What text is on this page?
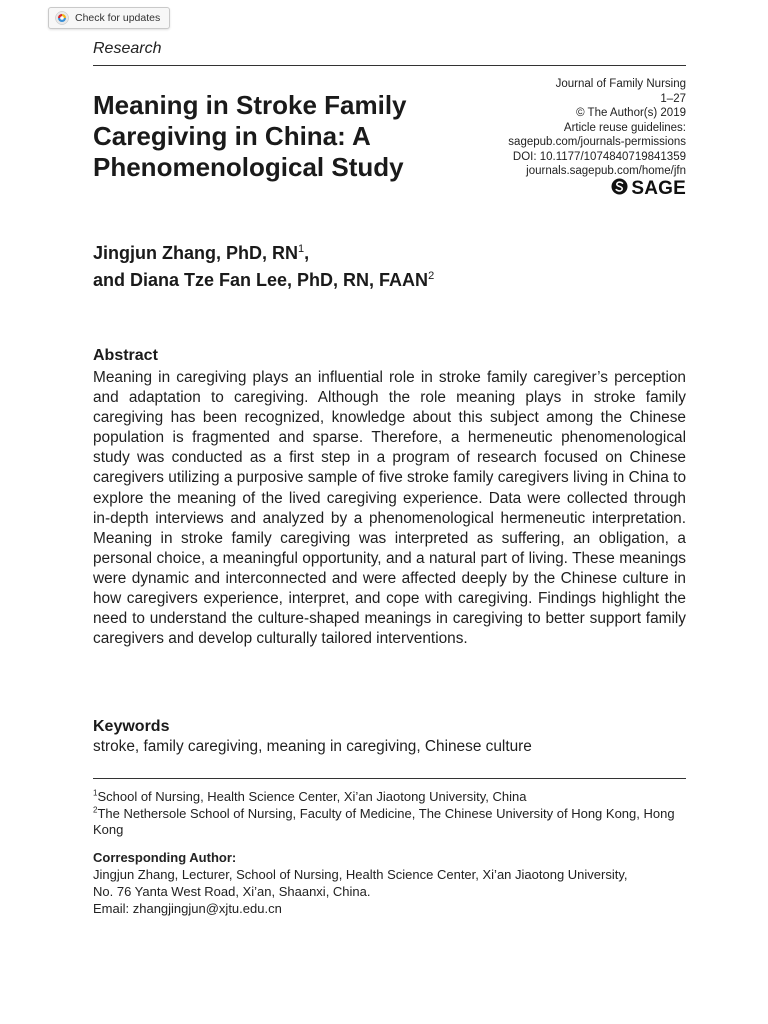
Check for updates
Research
Journal of Family Nursing
1–27
© The Author(s) 2019
Article reuse guidelines:
sagepub.com/journals-permissions
DOI: 10.1177/1074840719841359
journals.sagepub.com/home/jfn
SAGE
Meaning in Stroke Family Caregiving in China: A Phenomenological Study
Jingjun Zhang, PhD, $RN^1$,
and Diana Tze Fan Lee, PhD, RN, FAAN$^2$
Abstract

Meaning in caregiving plays an influential role in stroke family caregiver’s perception and adaptation to caregiving. Although the role meaning plays in stroke family caregiving has been recognized, knowledge about this subject among the Chinese population is fragmented and sparse. Therefore, a hermeneutic phenomenological study was conducted as a first step in a program of research focused on Chinese caregivers utilizing a purposive sample of five stroke family caregivers living in China to explore the meaning of the lived caregiving experience. Data were collected through in-depth interviews and analyzed by a phenomenological hermeneutic interpretation. Meaning in stroke family caregiving was interpreted as suffering, an obligation, a personal choice, a meaningful opportunity, and a natural part of living. These meanings were dynamic and interconnected and were affected deeply by the Chinese culture in how caregivers experience, interpret, and cope with caregiving. Findings highlight the need to understand the culture-shaped meanings in caregiving to better support family caregivers and develop culturally tailored interventions.

Keywords
stroke, family caregiving, meaning in caregiving, Chinese culture
$^1$School of Nursing, Health Science Center, Xi’an Jiaotong University, China
$^2$The Nethersole School of Nursing, Faculty of Medicine, The Chinese University of Hong Kong, Hong Kong
Corresponding Author:
Jingjun Zhang, Lecturer, School of Nursing, Health Science Center, Xi’an Jiaotong University,
No. 76 Yanta West Road, Xi’an, Shaanxi, China.
Email: zhangjingjun@xjtu.edu.cn
